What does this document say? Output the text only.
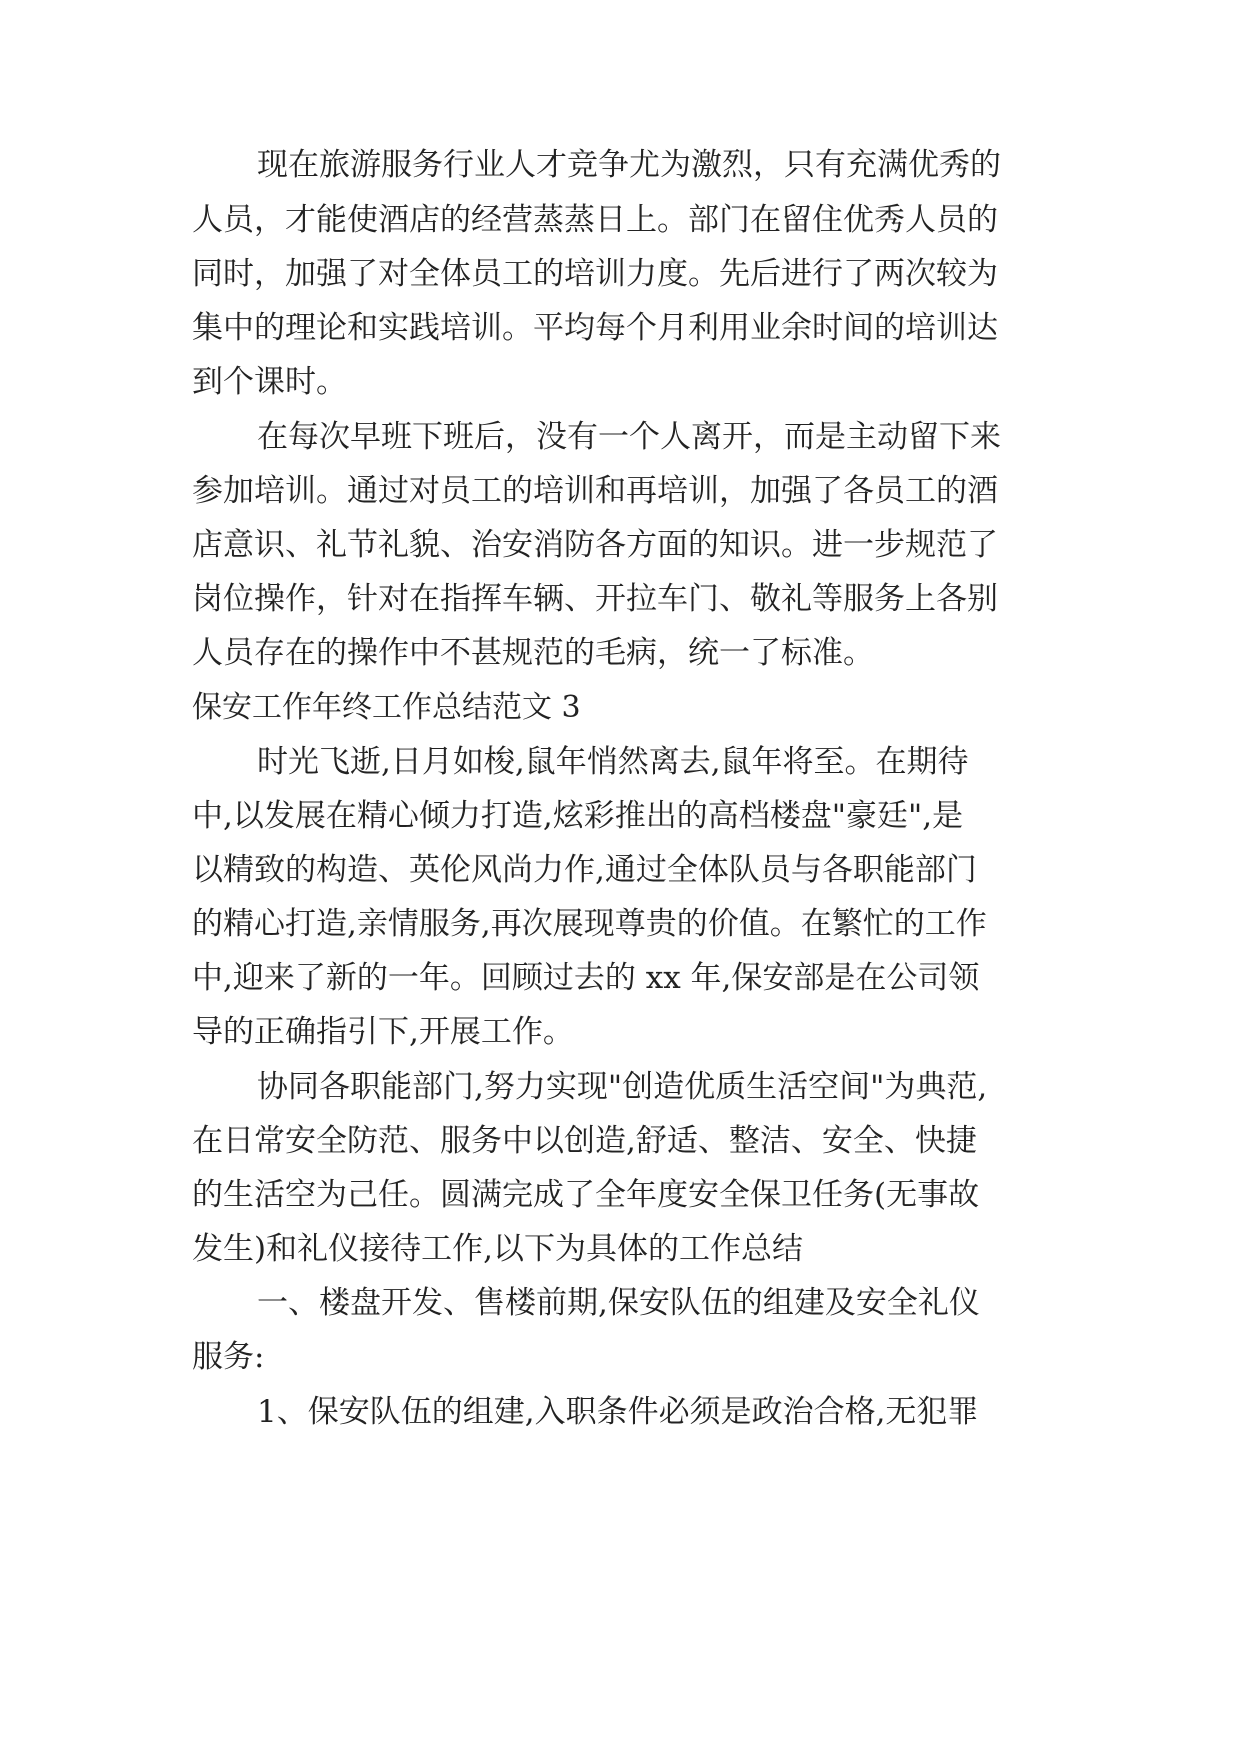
现在旅游服务行业人才竞争尤为激烈，只有充满优秀的
人员，才能使酒店的经营蒸蒸日上。部门在留住优秀人员的
同时，加强了对全体员工的培训力度。先后进行了两次较为
集中的理论和实践培训。平均每个月利用业余时间的培训达
到个课时。
在每次早班下班后，没有一个人离开，而是主动留下来
参加培训。通过对员工的培训和再培训，加强了各员工的酒
店意识、礼节礼貌、治安消防各方面的知识。进一步规范了
岗位操作，针对在指挥车辆、开拉车门、敬礼等服务上各别
人员存在的操作中不甚规范的毛病，统一了标准。
保安工作年终工作总结范文 3
时光飞逝,日月如梭,鼠年悄然离去,鼠年将至。在期待
中,以发展在精心倾力打造,炫彩推出的高档楼盘"豪廷",是
以精致的构造、英伦风尚力作,通过全体队员与各职能部门
的精心打造,亲情服务,再次展现尊贵的价值。在繁忙的工作
中,迎来了新的一年。回顾过去的 xx 年,保安部是在公司领
导的正确指引下,开展工作。
协同各职能部门,努力实现"创造优质生活空间"为典范,
在日常安全防范、服务中以创造,舒适、整洁、安全、快捷
的生活空为己任。圆满完成了全年度安全保卫任务(无事故
发生)和礼仪接待工作,以下为具体的工作总结
一、楼盘开发、售楼前期,保安队伍的组建及安全礼仪
服务:
1、保安队伍的组建,入职条件必须是政治合格,无犯罪
